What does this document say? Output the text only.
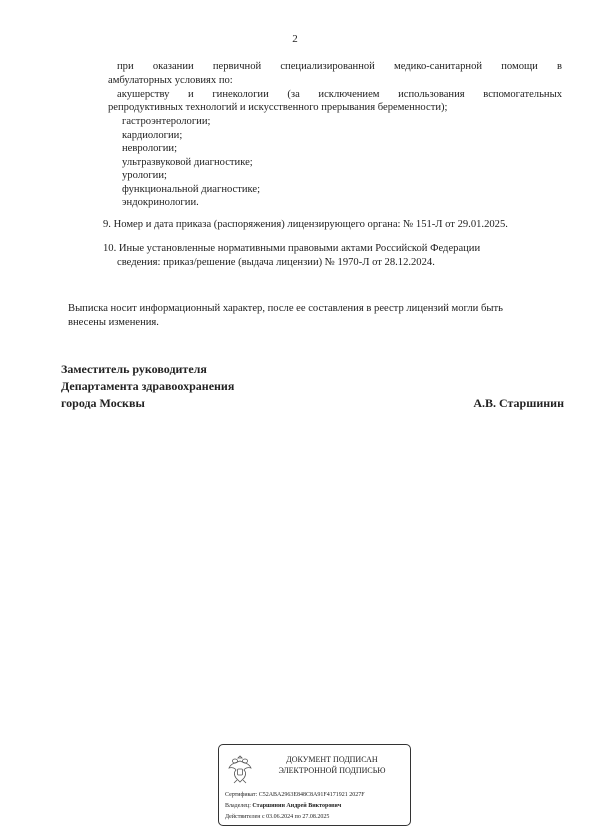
2
при оказании первичной специализированной медико-санитарной помощи в
амбулаторных условиях по:
акушерству и гинекологии (за исключением использования вспомогательных
репродуктивных технологий и искусственного прерывания беременности);
гастроэнтерологии;
кардиологии;
неврологии;
ультразвуковой диагностике;
урологии;
функциональной диагностике;
эндокринологии.
9. Номер и дата приказа (распоряжения) лицензирующего органа: № 151-Л от 29.01.2025.
10. Иные установленные нормативными правовыми актами Российской Федерации
сведения: приказ/решение (выдача лицензии) № 1970-Л от 28.12.2024.
Выписка носит информационный характер, после ее составления в реестр лицензий могли быть
внесены изменения.
Заместитель руководителя
Департамента здравоохранения
города Москвы	А.В. Старшинин
ДОКУМЕНТ ПОДПИСАН
ЭЛЕКТРОННОЙ ПОДПИСЬЮ
Сертификат: C52ABA2963E848C8A91F4171921 2027F
Владелец: Старшинин Андрей Викторович
Действителен с 03.06.2024 по 27.08.2025
